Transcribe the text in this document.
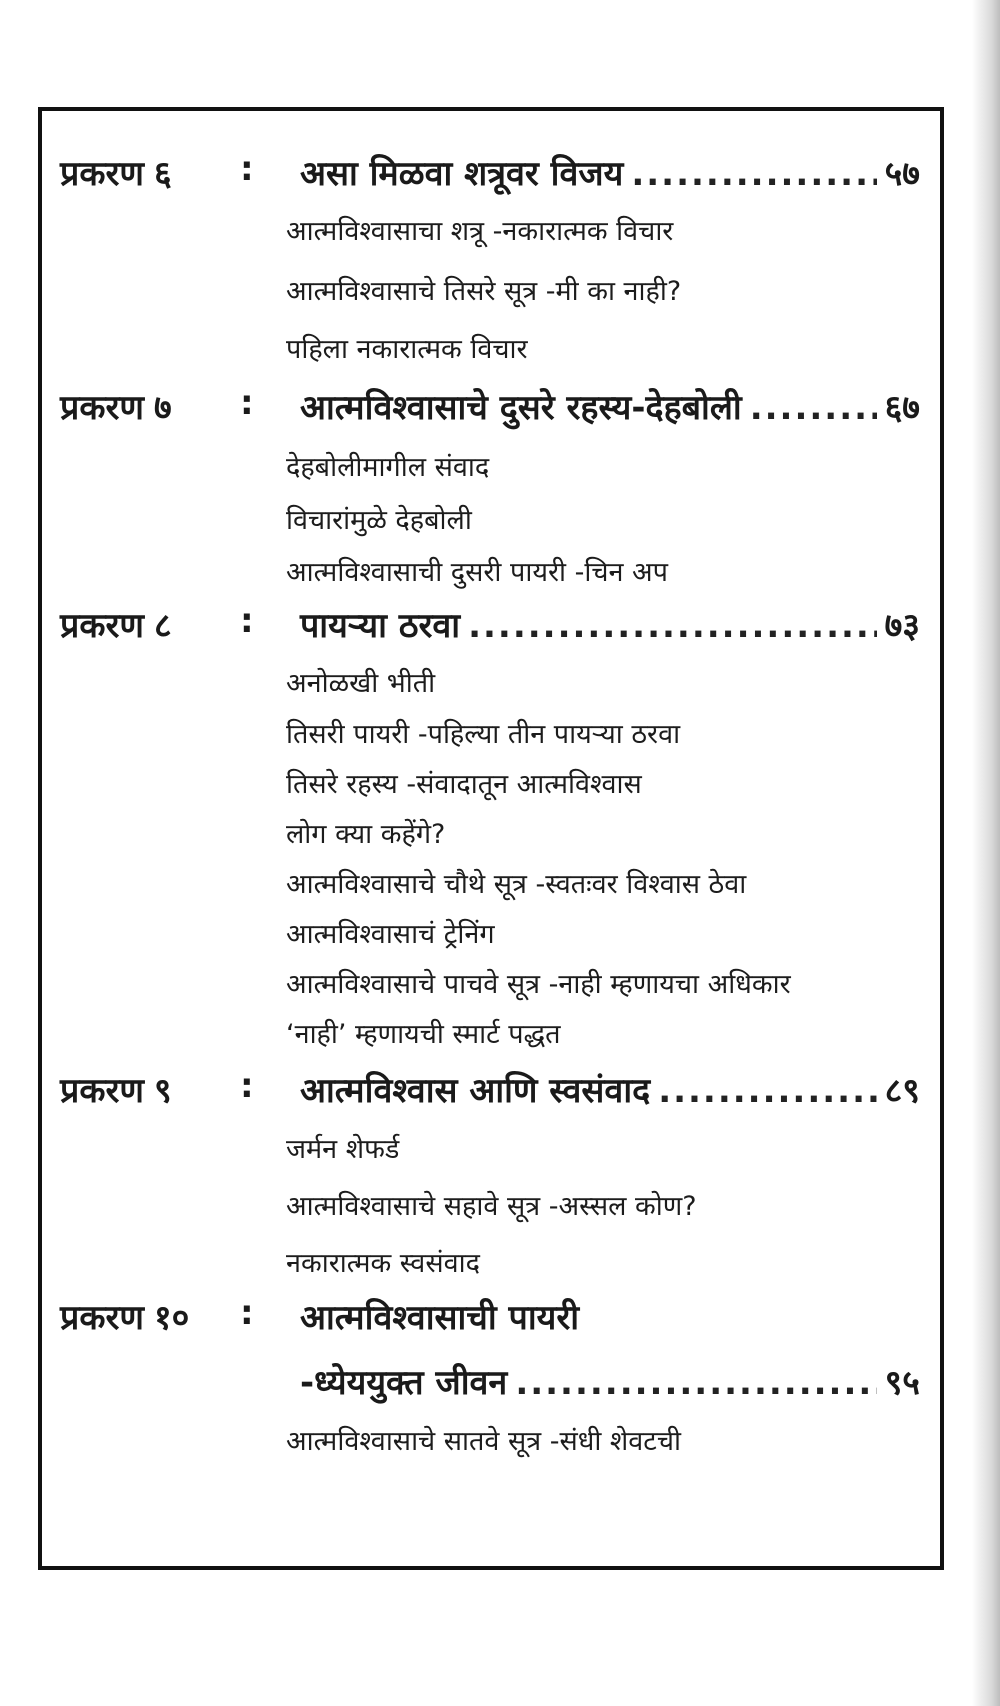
प्रकरण ६ : असा मिळवा शत्रूवर विजय .....	५७
आत्मविश्वासाचा शत्रू -नकारात्मक विचार
आत्मविश्वासाचे तिसरे सूत्र -मी का नाही?
पहिला नकारात्मक विचार
प्रकरण ७ : आत्मविश्वासाचे दुसरे रहस्य-देहबोली .....	६७
देहबोलीमागील संवाद
विचारांमुळे देहबोली
आत्मविश्वासाची दुसरी पायरी -चिन अप
प्रकरण ८ : पायऱ्या ठरवा .....	७३
अनोळखी भीती
तिसरी पायरी -पहिल्या तीन पायऱ्या ठरवा
तिसरे रहस्य -संवादातून आत्मविश्वास
लोग क्या कहेंगे?
आत्मविश्वासाचे चौथे सूत्र -स्वतःवर विश्वास ठेवा
आत्मविश्वासाचं ट्रेनिंग
आत्मविश्वासाचे पाचवे सूत्र -नाही म्हणायचा अधिकार
‘नाही’ म्हणायची स्मार्ट पद्धत
प्रकरण ९ : आत्मविश्वास आणि स्वसंवाद .....	८९
जर्मन शेफर्ड
आत्मविश्वासाचे सहावे सूत्र -अस्सल कोण?
नकारात्मक स्वसंवाद
प्रकरण १० : आत्मविश्वासाची पायरी
-ध्येययुक्त जीवन .....	९५
आत्मविश्वासाचे सातवे सूत्र -संधी शेवटची
